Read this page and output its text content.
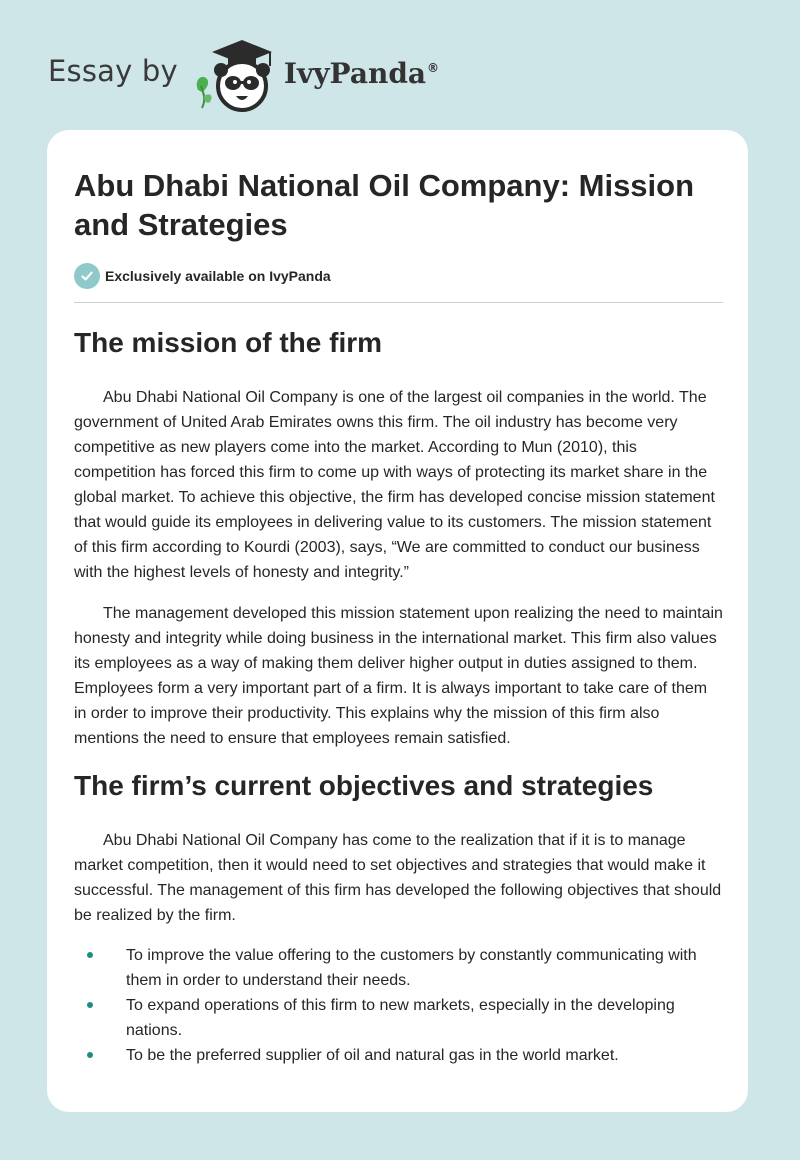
Essay by	IvyPanda®
Abu Dhabi National Oil Company: Mission and Strategies
Exclusively available on IvyPanda
The mission of the firm

Abu Dhabi National Oil Company is one of the largest oil companies in the world. The government of United Arab Emirates owns this firm. The oil industry has become very competitive as new players come into the market. According to Mun (2010), this competition has forced this firm to come up with ways of protecting its market share in the global market. To achieve this objective, the firm has developed concise mission statement that would guide its employees in delivering value to its customers. The mission statement of this firm according to Kourdi (2003), says, “We are committed to conduct our business with the highest levels of honesty and integrity.”

The management developed this mission statement upon realizing the need to maintain honesty and integrity while doing business in the international market. This firm also values its employees as a way of making them deliver higher output in duties assigned to them. Employees form a very important part of a firm. It is always important to take care of them in order to improve their productivity. This explains why the mission of this firm also mentions the need to ensure that employees remain satisfied.

The firm’s current objectives and strategies

Abu Dhabi National Oil Company has come to the realization that if it is to manage market competition, then it would need to set objectives and strategies that would make it successful. The management of this firm has developed the following objectives that should be realized by the firm.

To improve the value offering to the customers by constantly communicating with them in order to understand their needs.
To expand operations of this firm to new markets, especially in the developing nations.
To be the preferred supplier of oil and natural gas in the world market.
